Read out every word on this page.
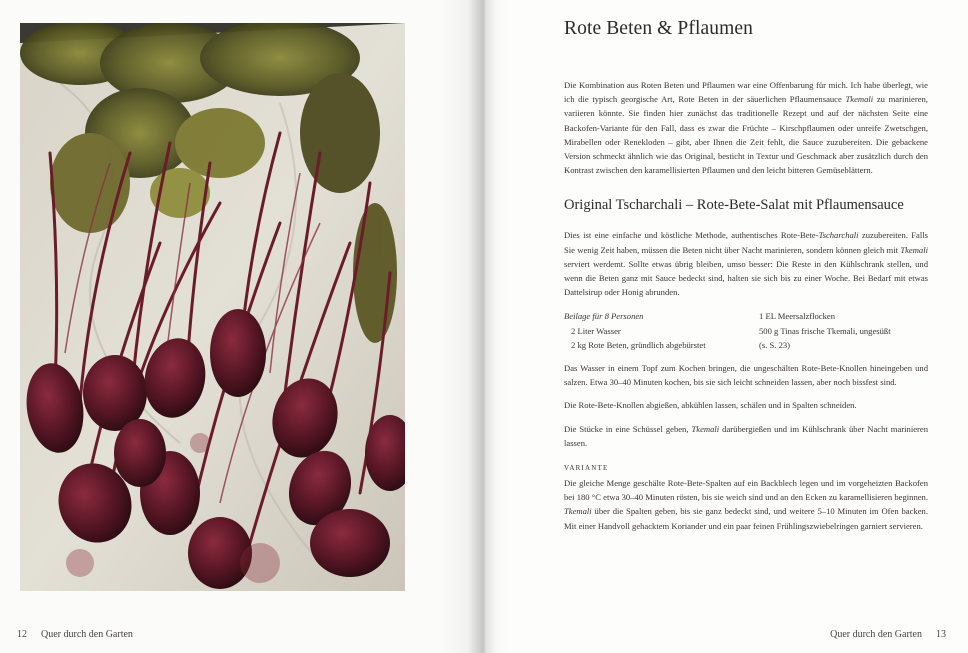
12 Quer durch den Garten
Rote Beten & Pflaumen

Die Kombination aus Roten Beten und Pflaumen war eine Offenbarung für mich. Ich habe überlegt, wie ich die typisch georgische Art, Rote Beten in der säuerlichen Pflaumensauce Tkemali zu marinieren, variieren könnte. Sie finden hier zunächst das traditionelle Rezept und auf der nächsten Seite eine Backofen-Variante für den Fall, dass es zwar die Früchte – Kirschpflaumen oder unreife Zwetschgen, Mirabellen oder Renekloden – gibt, aber Ihnen die Zeit fehlt, die Sauce zuzubereiten. Die gebackene Version schmeckt ähnlich wie das Original, besticht in Textur und Geschmack aber zusätzlich durch den Kontrast zwischen den karamellisierten Pflaumen und den leicht bitteren Gemüseblättern.

Original Tscharchali – Rote-Bete-Salat mit Pflaumensauce

Dies ist eine einfache und köstliche Methode, authentisches Rote-Bete-Tscharchali zuzubereiten. Falls Sie wenig Zeit haben, müssen die Beten nicht über Nacht marinieren, sondern können gleich mit Tkemali serviert werdemt. Sollte etwas übrig bleiben, umso besser: Die Reste in den Kühlschrank stellen, und wenn die Beten ganz mit Sauce bedeckt sind, halten sie sich bis zu einer Woche. Bei Bedarf mit etwas Dattelsirup oder Honig abrunden.

Beilage für 8 Personen
2 Liter Wasser
2 kg Rote Beten, gründlich abgebürstet
1 EL Meersalzflocken
500 g Tinas frische Tkemali, ungesüßt
(s. S. 23)

Das Wasser in einem Topf zum Kochen bringen, die ungeschälten Rote-Bete-Knollen hineingeben und salzen. Etwa 30–40 Minuten kochen, bis sie sich leicht schneiden lassen, aber noch bissfest sind.

Die Rote-Bete-Knollen abgießen, abkühlen lassen, schälen und in Spalten schneiden.

Die Stücke in eine Schüssel geben, Tkemali darübergießen und im Kühlschrank über Nacht marinieren lassen.

VARIANTE

Die gleiche Menge geschälte Rote-Bete-Spalten auf ein Backblech legen und im vorgeheizten Backofen bei 180 °C etwa 30–40 Minuten rösten, bis sie weich sind und an den Ecken zu karamellisieren beginnen. Tkemali über die Spalten geben, bis sie ganz bedeckt sind, und weitere 5–10 Minuten im Ofen backen. Mit einer Handvoll gehacktem Koriander und ein paar feinen Frühlingszwiebelringen garniert servieren.

Quer durch den Garten 13
